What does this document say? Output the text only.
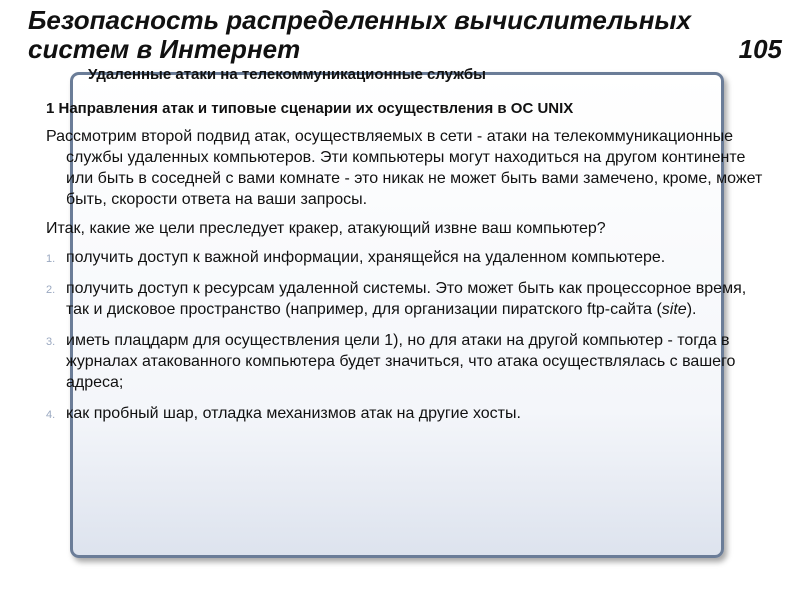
Безопасность распределенных вычислительных
систем в Интернет	105
Удаленные атаки на телекоммуникационные службы
1 Направления атак и типовые сценарии их осуществления в ОС UNIX

Рассмотрим второй подвид атак, осуществляемых в сети - атаки на телекоммуникационные службы удаленных компьютеров. Эти компьютеры могут находиться на другом континенте или быть в соседней с вами комнате - это никак не может быть вами замечено, кроме, может быть, скорости ответа на ваши запросы.

Итак, какие же цели преследует кракер, атакующий извне ваш компьютер?

1. получить доступ к важной информации, хранящейся на удаленном компьютере.
2. получить доступ к ресурсам удаленной системы. Это может быть как процессорное время, так и дисковое пространство (например, для организации пиратского ftp-сайта (site).
3. иметь плацдарм для осуществления цели 1), но для атаки на другой компьютер - тогда в журналах атакованного компьютера будет значиться, что атака осуществлялась с вашего адреса;
4. как пробный шар, отладка механизмов атак на другие хосты.
